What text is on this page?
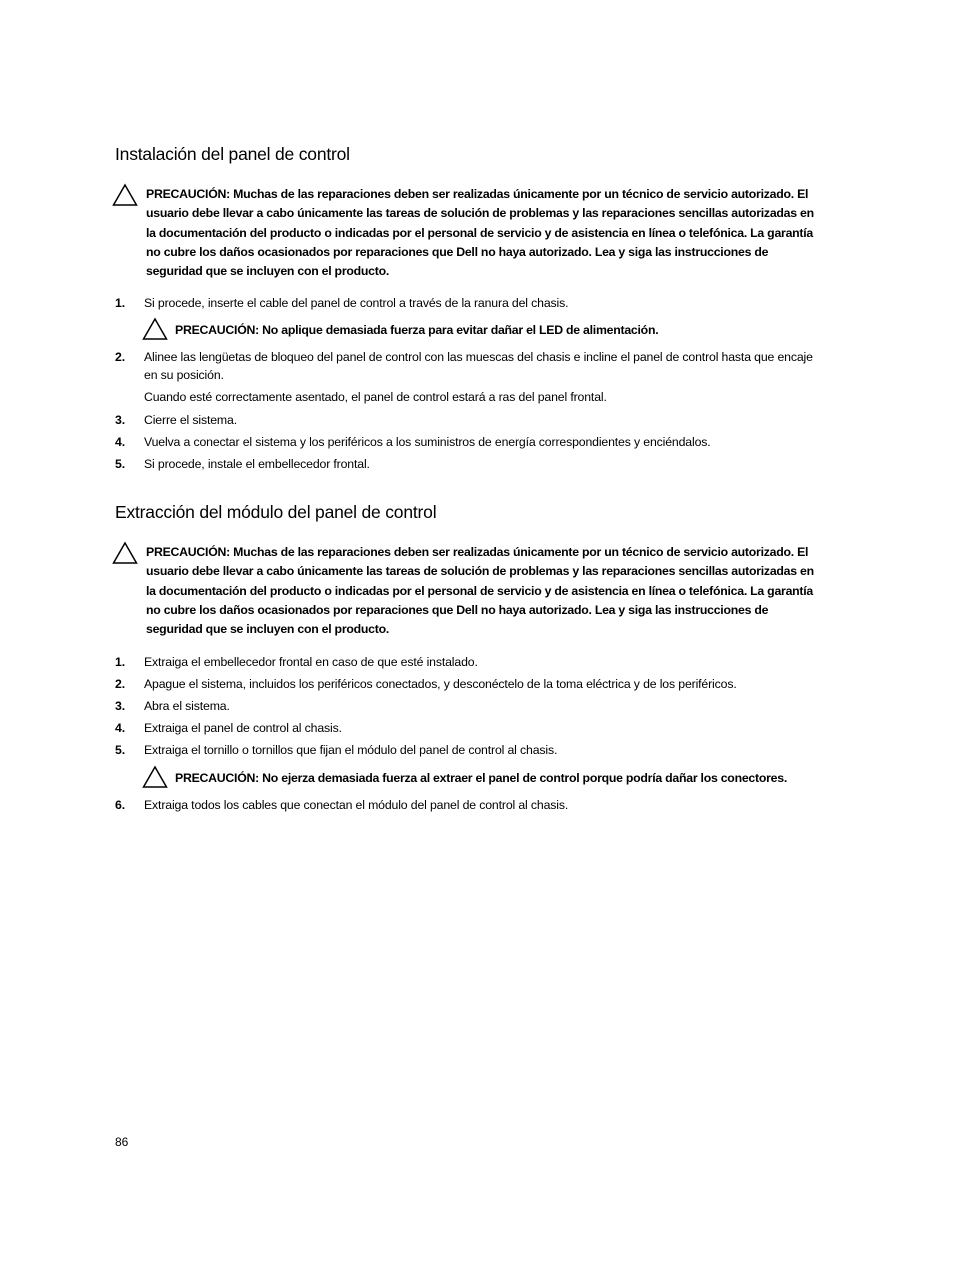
Instalación del panel de control
PRECAUCIÓN: Muchas de las reparaciones deben ser realizadas únicamente por un técnico de servicio autorizado. El usuario debe llevar a cabo únicamente las tareas de solución de problemas y las reparaciones sencillas autorizadas en la documentación del producto o indicadas por el personal de servicio y de asistencia en línea o telefónica. La garantía no cubre los daños ocasionados por reparaciones que Dell no haya autorizado. Lea y siga las instrucciones de seguridad que se incluyen con el producto.
1. Si procede, inserte el cable del panel de control a través de la ranura del chasis.
PRECAUCIÓN: No aplique demasiada fuerza para evitar dañar el LED de alimentación.
2. Alinee las lengüetas de bloqueo del panel de control con las muescas del chasis e incline el panel de control hasta que encaje en su posición.
Cuando esté correctamente asentado, el panel de control estará a ras del panel frontal.
3. Cierre el sistema.
4. Vuelva a conectar el sistema y los periféricos a los suministros de energía correspondientes y enciéndalos.
5. Si procede, instale el embellecedor frontal.
Extracción del módulo del panel de control
PRECAUCIÓN: Muchas de las reparaciones deben ser realizadas únicamente por un técnico de servicio autorizado. El usuario debe llevar a cabo únicamente las tareas de solución de problemas y las reparaciones sencillas autorizadas en la documentación del producto o indicadas por el personal de servicio y de asistencia en línea o telefónica. La garantía no cubre los daños ocasionados por reparaciones que Dell no haya autorizado. Lea y siga las instrucciones de seguridad que se incluyen con el producto.
1. Extraiga el embellecedor frontal en caso de que esté instalado.
2. Apague el sistema, incluidos los periféricos conectados, y desconéctelo de la toma eléctrica y de los periféricos.
3. Abra el sistema.
4. Extraiga el panel de control al chasis.
5. Extraiga el tornillo o tornillos que fijan el módulo del panel de control al chasis.
PRECAUCIÓN: No ejerza demasiada fuerza al extraer el panel de control porque podría dañar los conectores.
6. Extraiga todos los cables que conectan el módulo del panel de control al chasis.
86
